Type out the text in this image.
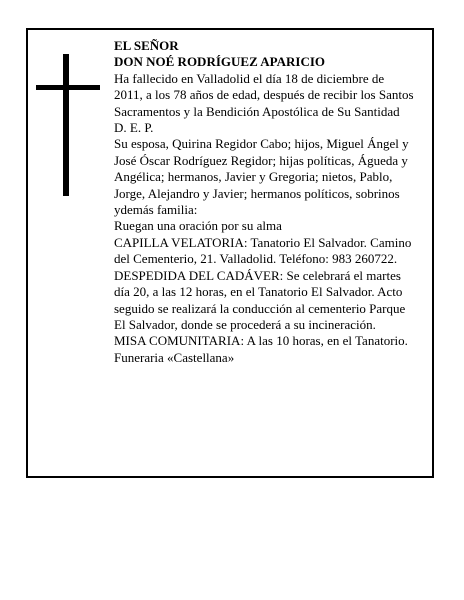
EL SEÑOR

DON NOÉ RODRÍGUEZ APARICIO

Ha fallecido en Valladolid el día 18 de diciembre de 2011, a los 78 años de edad, después de recibir los Santos Sacramentos y la Bendición Apostólica de Su Santidad

D. E. P.

Su esposa, Quirina Regidor Cabo; hijos, Miguel Ángel y José Óscar Rodríguez Regidor; hijas políticas, Águeda y Angélica; hermanos, Javier y Gregoria; nietos, Pablo, Jorge, Alejandro y Javier; hermanos políticos, sobrinos ydemás familia:

Ruegan una oración por su alma

CAPILLA VELATORIA: Tanatorio El Salvador. Camino del Cementerio, 21. Valladolid. Teléfono: 983 260722.

DESPEDIDA DEL CADÁVER: Se celebrará el martes día 20, a las 12 horas, en el Tanatorio El Salvador. Acto seguido se realizará la conducción al cementerio Parque El Salvador, donde se procederá a su incineración.

MISA COMUNITARIA: A las 10 horas, en el Tanatorio.

Funeraria «Castellana»
